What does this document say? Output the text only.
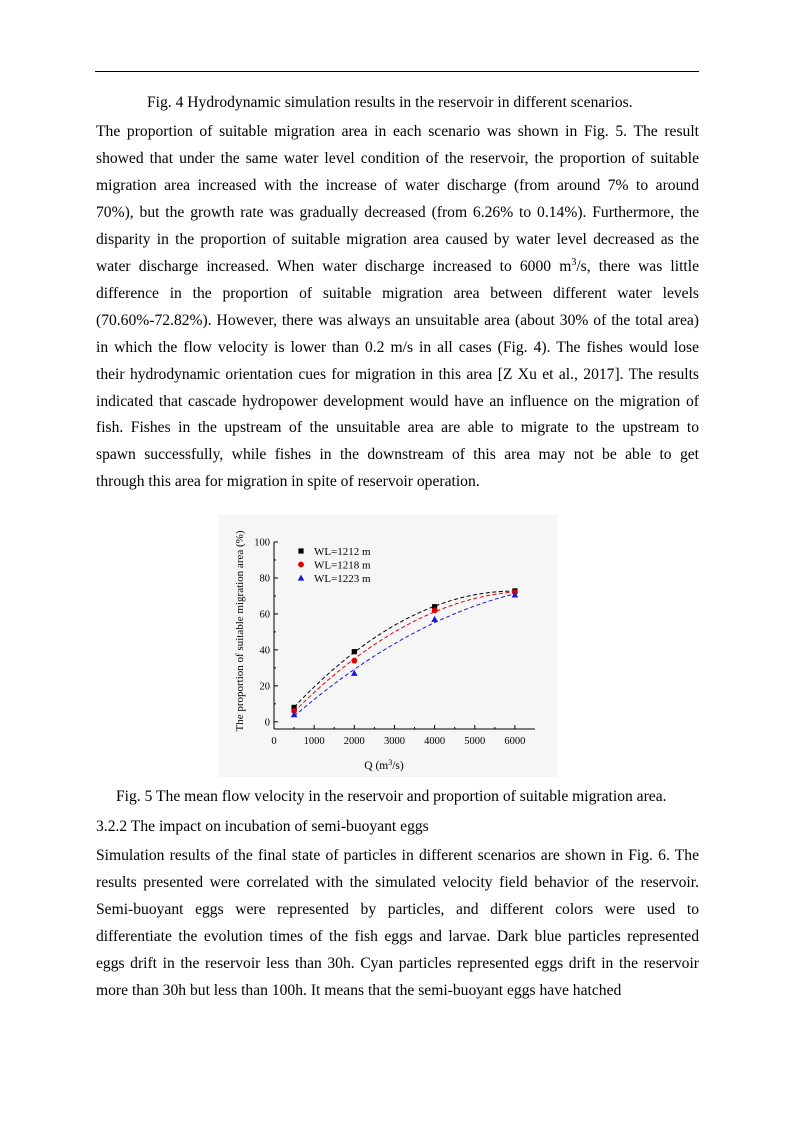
Fig. 4 Hydrodynamic simulation results in the reservoir in different scenarios.
The proportion of suitable migration area in each scenario was shown in Fig. 5. The result
showed that under the same water level condition of the reservoir, the proportion of suitable
migration area increased with the increase of water discharge (from around 7% to around
70%), but the growth rate was gradually decreased (from 6.26% to 0.14%). Furthermore, the
disparity in the proportion of suitable migration area caused by water level decreased as the
water discharge increased. When water discharge increased to 6000 $m^3/s$, there was little
difference in the proportion of suitable migration area between different water levels
(70.60%-72.82%). However, there was always an unsuitable area (about 30% of the total area)
in which the flow velocity is lower than 0.2 m/s in all cases (Fig. 4). The fishes would lose
their hydrodynamic orientation cues for migration in this area [Z Xu et al., 2017]. The results
indicated that cascade hydropower development would have an influence on the migration of
fish. Fishes in the upstream of the unsuitable area are able to migrate to the upstream to
spawn successfully, while fishes in the downstream of this area may not be able to get
through this area for migration in spite of reservoir operation.
0	1000 2000 3000 4000 5000 6000
0
20
40
60
80
100
WL=1212 m
WL=1218 m
WL=1223 m
Q $(m^3/s)$
The proportion of suitable migration area (%)
Fig. 5 The mean flow velocity in the reservoir and proportion of suitable migration area.
3.2.2 The impact on incubation of semi-buoyant eggs
Simulation results of the final state of particles in different scenarios are shown in Fig. 6. The
results presented were correlated with the simulated velocity field behavior of the reservoir.
Semi-buoyant eggs were represented by particles, and different colors were used to
differentiate the evolution times of the fish eggs and larvae. Dark blue particles represented
eggs drift in the reservoir less than 30h. Cyan particles represented eggs drift in the reservoir
more than 30h but less than 100h. It means that the semi-buoyant eggs have hatched
